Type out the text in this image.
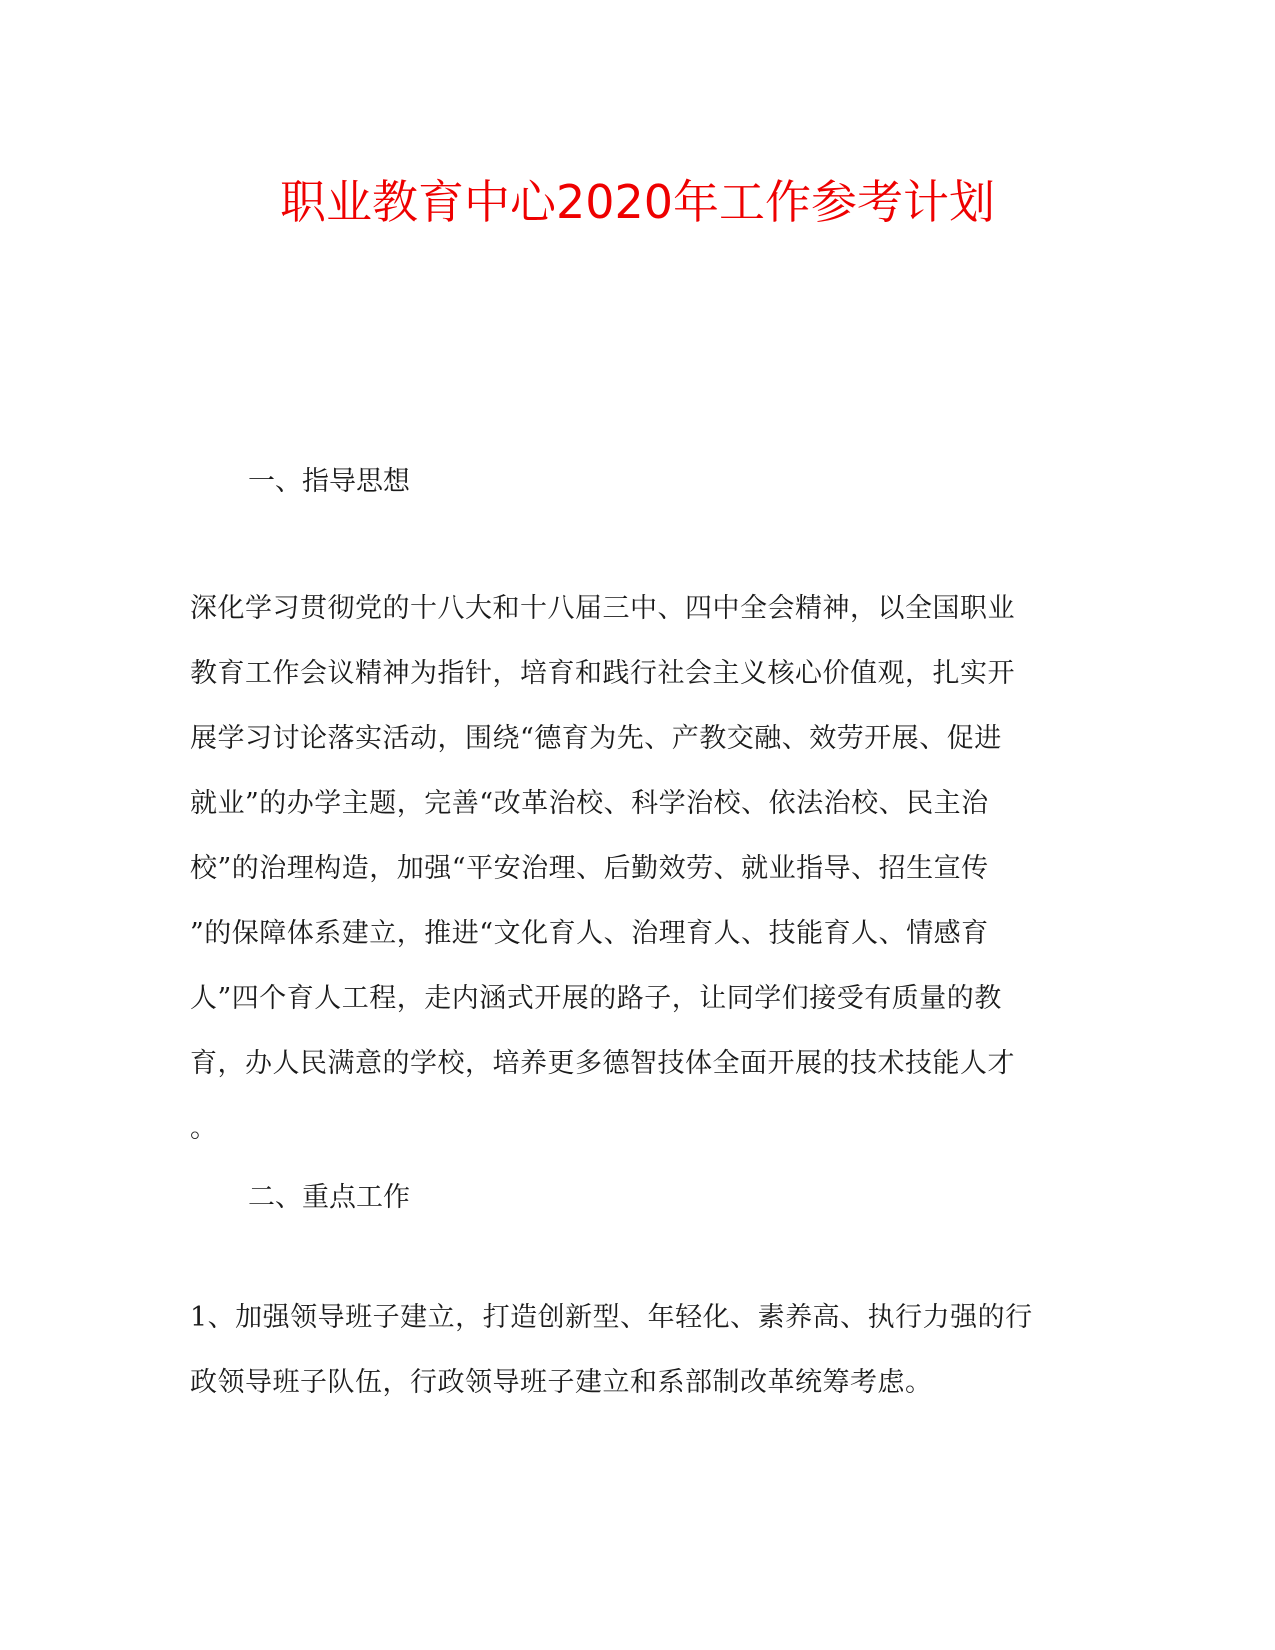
职业教育中心2020年工作参考计划
一、指导思想
深化学习贯彻党的十八大和十八届三中、四中全会精神，以全国职业
教育工作会议精神为指针，培育和践行社会主义核心价值观，扎实开
展学习讨论落实活动，围绕“德育为先、产教交融、效劳开展、促进
就业”的办学主题，完善“改革治校、科学治校、依法治校、民主治
校”的治理构造，加强“平安治理、后勤效劳、就业指导、招生宣传
”的保障体系建立，推进“文化育人、治理育人、技能育人、情感育
人”四个育人工程，走内涵式开展的路子，让同学们接受有质量的教
育，办人民满意的学校，培养更多德智技体全面开展的技术技能人才
。
二、重点工作
1、加强领导班子建立，打造创新型、年轻化、素养高、执行力强的行
政领导班子队伍，行政领导班子建立和系部制改革统筹考虑。
